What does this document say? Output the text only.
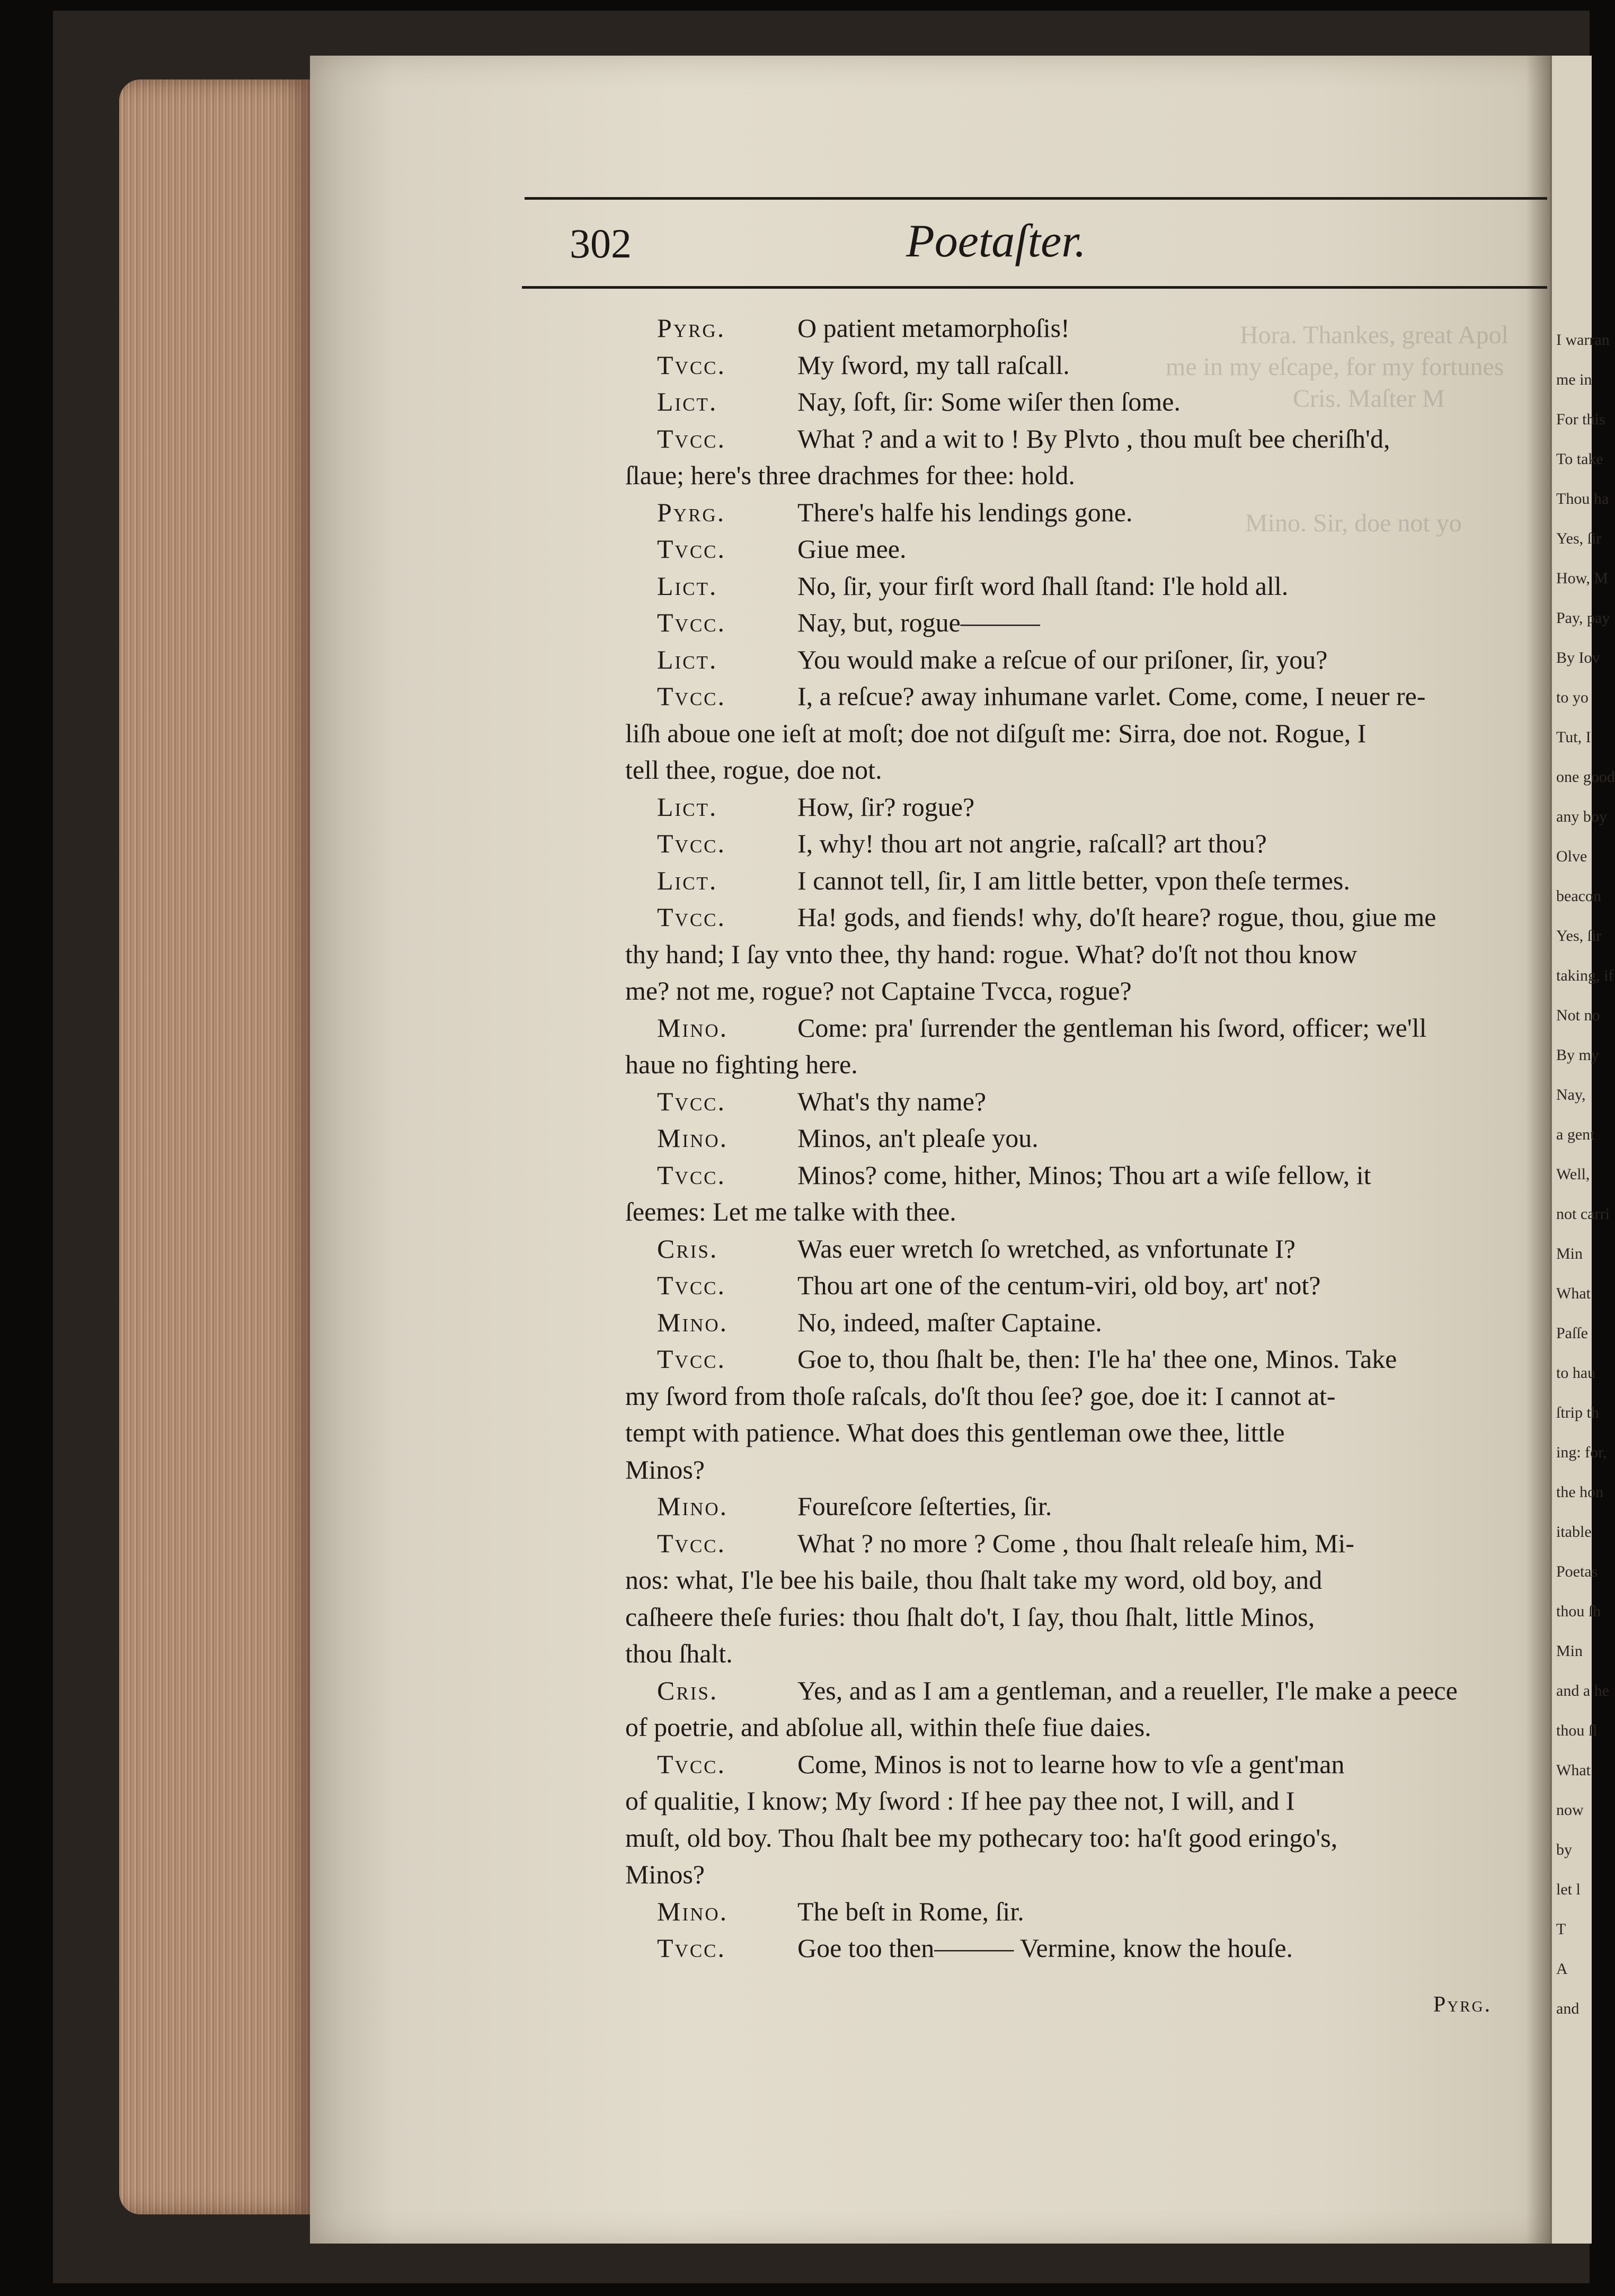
Hora. Thankes, great Apol
me in my eſcape, for my fortunes
Cris. Maſter M
Mino. Sir, doe not yo
I warran
me in
For this
To take
Thou ha
Yes, ſir
How, M
Pay, pay
By Iov
to yo
Tut, I
one good
any boy
Olve
beacon
Yes, ſir
taking, if
Not no
By my
Nay,
a gent
Well,
not carri
Min
What
Paſſe
to hau
ſtrip th
ing: for,
the hon
itable
Poetas
thou ſh
Min
and a he
thou ſl
What
now
by
let l
T
A
and
302	Poetaſter.
Pyrg.	O patient metamorphoſis!
Tvcc.	My ſword, my tall raſcall.
Lict.	Nay, ſoft, ſir: Some wiſer then ſome.
Tvcc.	What ? and a wit to ! By Plvto , thou muſt bee cheriſh'd,
ſlaue; here's three drachmes for thee: hold.
Pyrg.	There's halfe his lendings gone.
Tvcc.	Giue mee.
Lict.	No, ſir, your firſt word ſhall ſtand: I'le hold all.
Tvcc.	Nay, but, rogue———
Lict.	You would make a reſcue of our priſoner, ſir, you?
Tvcc.	I, a reſcue? away inhumane varlet. Come, come, I neuer re-
liſh aboue one ieſt at moſt; doe not diſguſt me: Sirra, doe not. Rogue, I
tell thee, rogue, doe not.
Lict.	How, ſir? rogue?
Tvcc.	I, why! thou art not angrie, raſcall? art thou?
Lict.	I cannot tell, ſir, I am little better, vpon theſe termes.
Tvcc.	Ha! gods, and fiends! why, do'ſt heare? rogue, thou, giue me
thy hand; I ſay vnto thee, thy hand: rogue. What? do'ſt not thou know
me? not me, rogue? not Captaine Tvcca, rogue?
Mino.	Come: pra' ſurrender the gentleman his ſword, officer; we'll
haue no fighting here.
Tvcc.	What's thy name?
Mino.	Minos, an't pleaſe you.
Tvcc.	Minos? come, hither, Minos; Thou art a wiſe fellow, it
ſeemes: Let me talke with thee.
Cris.	Was euer wretch ſo wretched, as vnfortunate I?
Tvcc.	Thou art one of the centum-viri, old boy, art' not?
Mino.	No, indeed, maſter Captaine.
Tvcc.	Goe to, thou ſhalt be, then: I'le ha' thee one, Minos. Take
my ſword from thoſe raſcals, do'ſt thou ſee? goe, doe it: I cannot at-
tempt with patience. What does this gentleman owe thee, little
Minos?
Mino.	Foureſcore ſeſterties, ſir.
Tvcc.	What ? no more ? Come , thou ſhalt releaſe him, Mi-
nos: what, I'le bee his baile, thou ſhalt take my word, old boy, and
caſheere theſe furies: thou ſhalt do't, I ſay, thou ſhalt, little Minos,
thou ſhalt.
Cris.	Yes, and as I am a gentleman, and a reueller, I'le make a peece
of poetrie, and abſolue all, within theſe fiue daies.
Tvcc.	Come, Minos is not to learne how to vſe a gent'man
of qualitie, I know; My ſword : If hee pay thee not, I will, and I
muſt, old boy. Thou ſhalt bee my pothecary too: ha'ſt good eringo's,
Minos?
Mino.	The beſt in Rome, ſir.
Tvcc.	Goe too then——— Vermine, know the houſe.
Pyrg.
